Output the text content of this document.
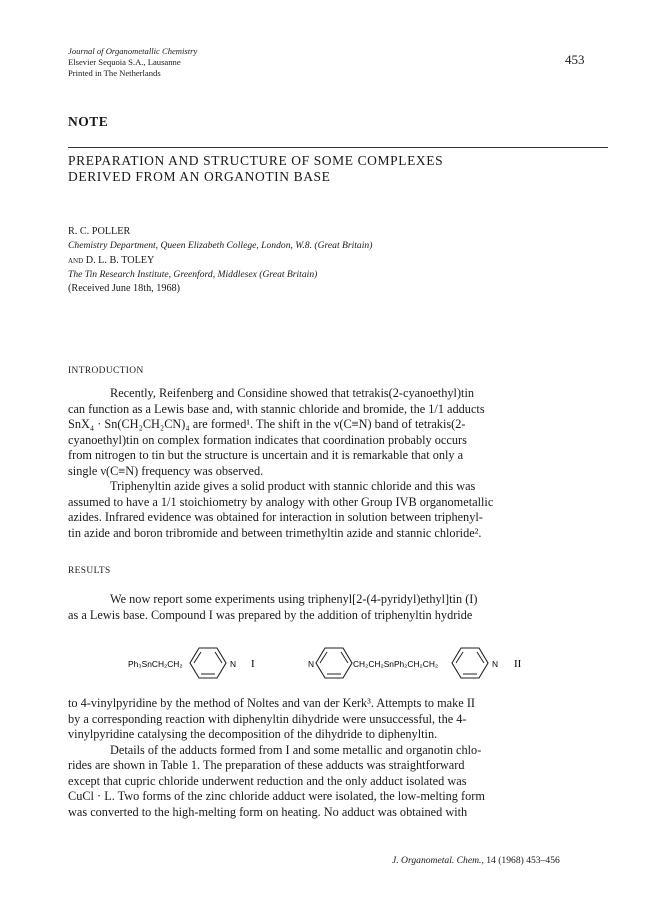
Journal of Organometallic Chemistry
Elsevier Sequoia S.A., Lausanne
Printed in The Netherlands
453
NOTE
PREPARATION AND STRUCTURE OF SOME COMPLEXES
DERIVED FROM AN ORGANOTIN BASE
R. C. POLLER
Chemistry Department, Queen Elizabeth College, London, W.8. (Great Britain)
and D. L. B. TOLEY
The Tin Research Institute, Greenford, Middlesex (Great Britain)
(Received June 18th, 1968)
INTRODUCTION
Recently, Reifenberg and Considine showed that tetrakis(2-cyanoethyl)tin
can function as a Lewis base and, with stannic chloride and bromide, the 1/1 adducts
SnX₄ · Sn(CH₂CH₂CN)₄ are formed¹. The shift in the ν(C≡N) band of tetrakis(2-
cyanoethyl)tin on complex formation indicates that coordination probably occurs
from nitrogen to tin but the structure is uncertain and it is remarkable that only a
single ν(C≡N) frequency was observed.
Triphenyltin azide gives a solid product with stannic chloride and this was
assumed to have a 1/1 stoichiometry by analogy with other Group IVB organometallic
azides. Infrared evidence was obtained for interaction in solution between triphenyl-
tin azide and boron tribromide and between trimethyltin azide and stannic chloride².
RESULTS
We now report some experiments using triphenyl[2-(4-pyridyl)ethyl]tin (I)
as a Lewis base. Compound I was prepared by the addition of triphenyltin hydride
Ph₃SnCH₂CH₂	N I	N	CH₂CH₂SnPh₂CH₂CH₂	N II
to 4-vinylpyridine by the method of Noltes and van der Kerk³. Attempts to make II
by a corresponding reaction with diphenyltin dihydride were unsuccessful, the 4-
vinylpyridine catalysing the decomposition of the dihydride to diphenyltin.
Details of the adducts formed from I and some metallic and organotin chlo-
rides are shown in Table 1. The preparation of these adducts was straightforward
except that cupric chloride underwent reduction and the only adduct isolated was
CuCl · L. Two forms of the zinc chloride adduct were isolated, the low-melting form
was converted to the high-melting form on heating. No adduct was obtained with
J. Organometal. Chem., 14 (1968) 453–456
